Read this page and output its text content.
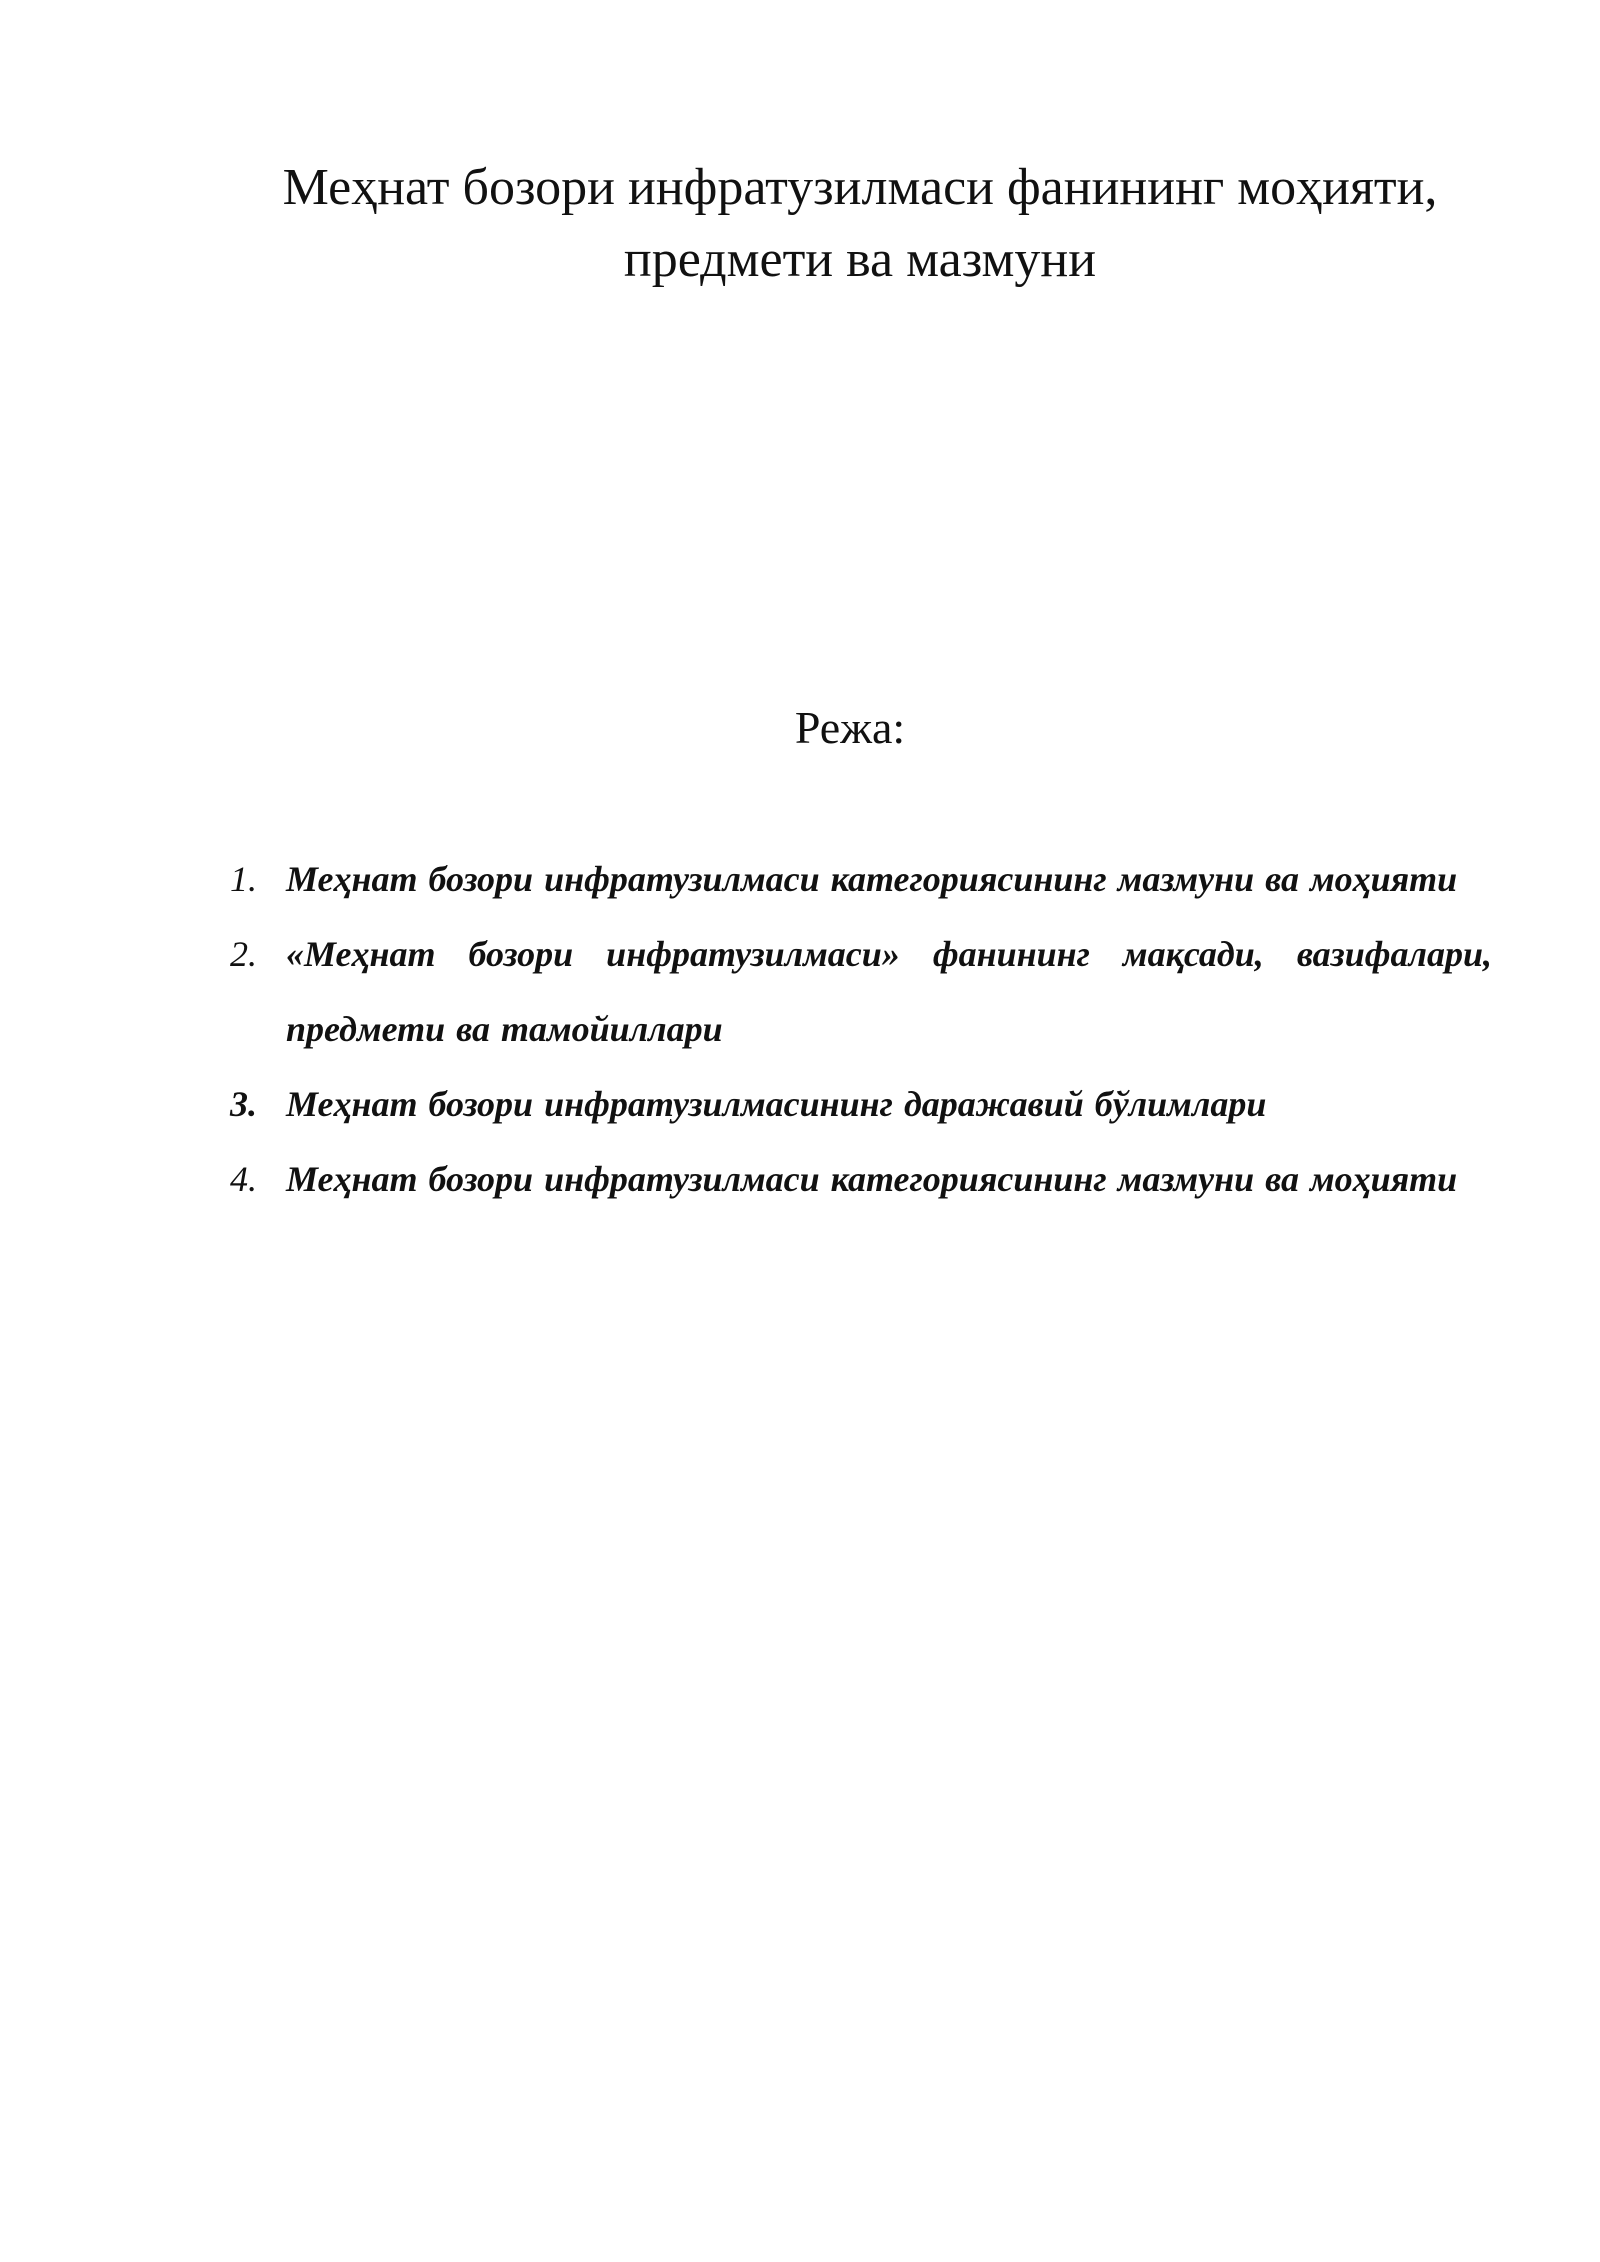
Меҳнат бозори инфратузилмаси фанининг моҳияти,
предмети ва мазмуни
Режа:
1. Меҳнат бозори инфратузилмаси категориясининг мазмуни ва моҳияти
2. «Меҳнат бозори инфратузилмаси» фанининг мақсади, вазифалари, предмети ва тамойиллари
3. Меҳнат бозори инфратузилмасининг даражавий бўлимлари
4. Меҳнат бозори инфратузилмаси категориясининг мазмуни ва моҳияти
